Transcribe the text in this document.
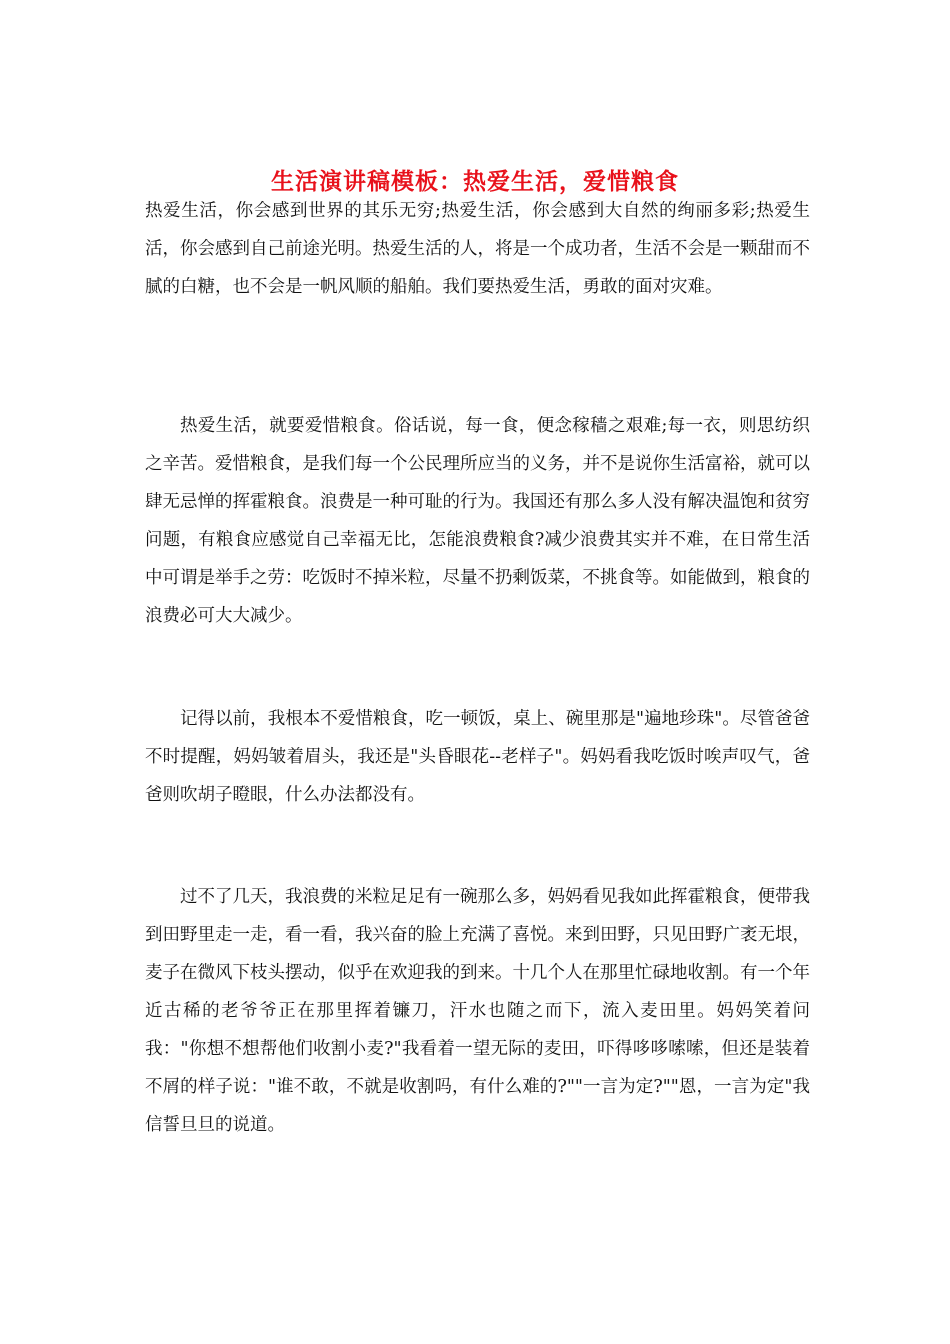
生活演讲稿模板：热爱生活，爱惜粮食

热爱生活，你会感到世界的其乐无穷;热爱生活，你会感到大自然的绚丽多彩;热爱生活，你会感到自己前途光明。热爱生活的人，将是一个成功者，生活不会是一颗甜而不腻的白糖，也不会是一帆风顺的船舶。我们要热爱生活，勇敢的面对灾难。

热爱生活，就要爱惜粮食。俗话说，每一食，便念稼穑之艰难;每一衣，则思纺织之辛苦。爱惜粮食，是我们每一个公民理所应当的义务，并不是说你生活富裕，就可以肆无忌惮的挥霍粮食。浪费是一种可耻的行为。我国还有那么多人没有解决温饱和贫穷问题，有粮食应感觉自己幸福无比，怎能浪费粮食?减少浪费其实并不难，在日常生活中可谓是举手之劳：吃饭时不掉米粒，尽量不扔剩饭菜，不挑食等。如能做到，粮食的浪费必可大大减少。

记得以前，我根本不爱惜粮食，吃一顿饭，桌上、碗里那是"遍地珍珠"。尽管爸爸不时提醒，妈妈皱着眉头，我还是"头昏眼花--老样子"。妈妈看我吃饭时唉声叹气，爸爸则吹胡子瞪眼，什么办法都没有。

过不了几天，我浪费的米粒足足有一碗那么多，妈妈看见我如此挥霍粮食，便带我到田野里走一走，看一看，我兴奋的脸上充满了喜悦。来到田野，只见田野广袤无垠，麦子在微风下枝头摆动，似乎在欢迎我的到来。十几个人在那里忙碌地收割。有一个年近古稀的老爷爷正在那里挥着镰刀，汗水也随之而下，流入麦田里。妈妈笑着问我："你想不想帮他们收割小麦?"我看着一望无际的麦田，吓得哆哆嗦嗦，但还是装着不屑的样子说："谁不敢，不就是收割吗，有什么难的?""一言为定?""恩，一言为定"我信誓旦旦的说道。
